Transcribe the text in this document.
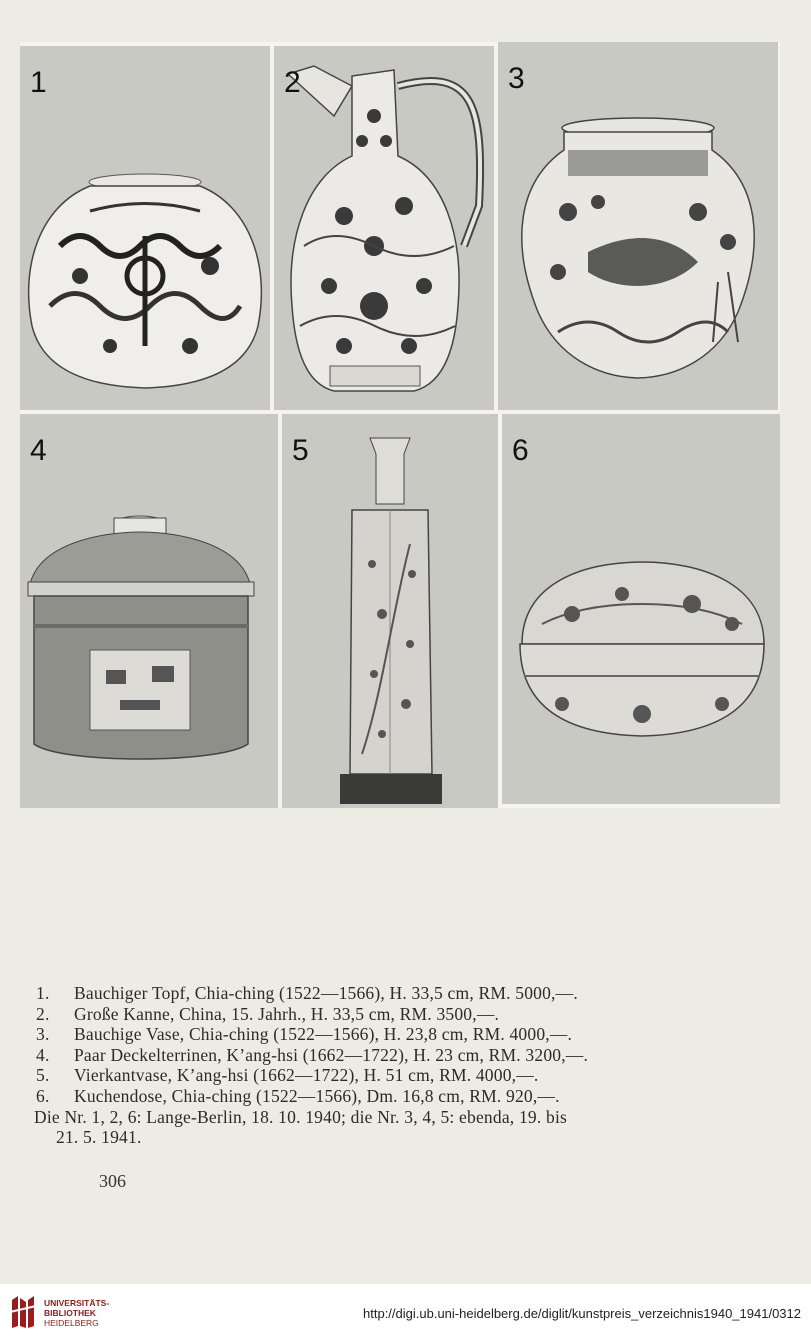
1	2	3
4	5	6
1. Bauchiger Topf, Chia-ching (1522—1566), H. 33,5 cm, RM. 5000,—.
2. Große Kanne, China, 15. Jahrh., H. 33,5 cm, RM. 3500,—.
3. Bauchige Vase, Chia-ching (1522—1566), H. 23,8 cm, RM. 4000,—.
4. Paar Deckelterrinen, K’ang-hsi (1662—1722), H. 23 cm, RM. 3200,—.
5. Vierkantvase, K’ang-hsi (1662—1722), H. 51 cm, RM. 4000,—.
6. Kuchendose, Chia-ching (1522—1566), Dm. 16,8 cm, RM. 920,—.
Die Nr. 1, 2, 6: Lange-Berlin, 18. 10. 1940; die Nr. 3, 4, 5: ebenda, 19. bis
21. 5. 1941.
306
UNIVERSITÄTS-
BIBLIOTHEK
HEIDELBERG
http://digi.ub.uni-heidelberg.de/diglit/kunstpreis_verzeichnis1940_1941/0312
